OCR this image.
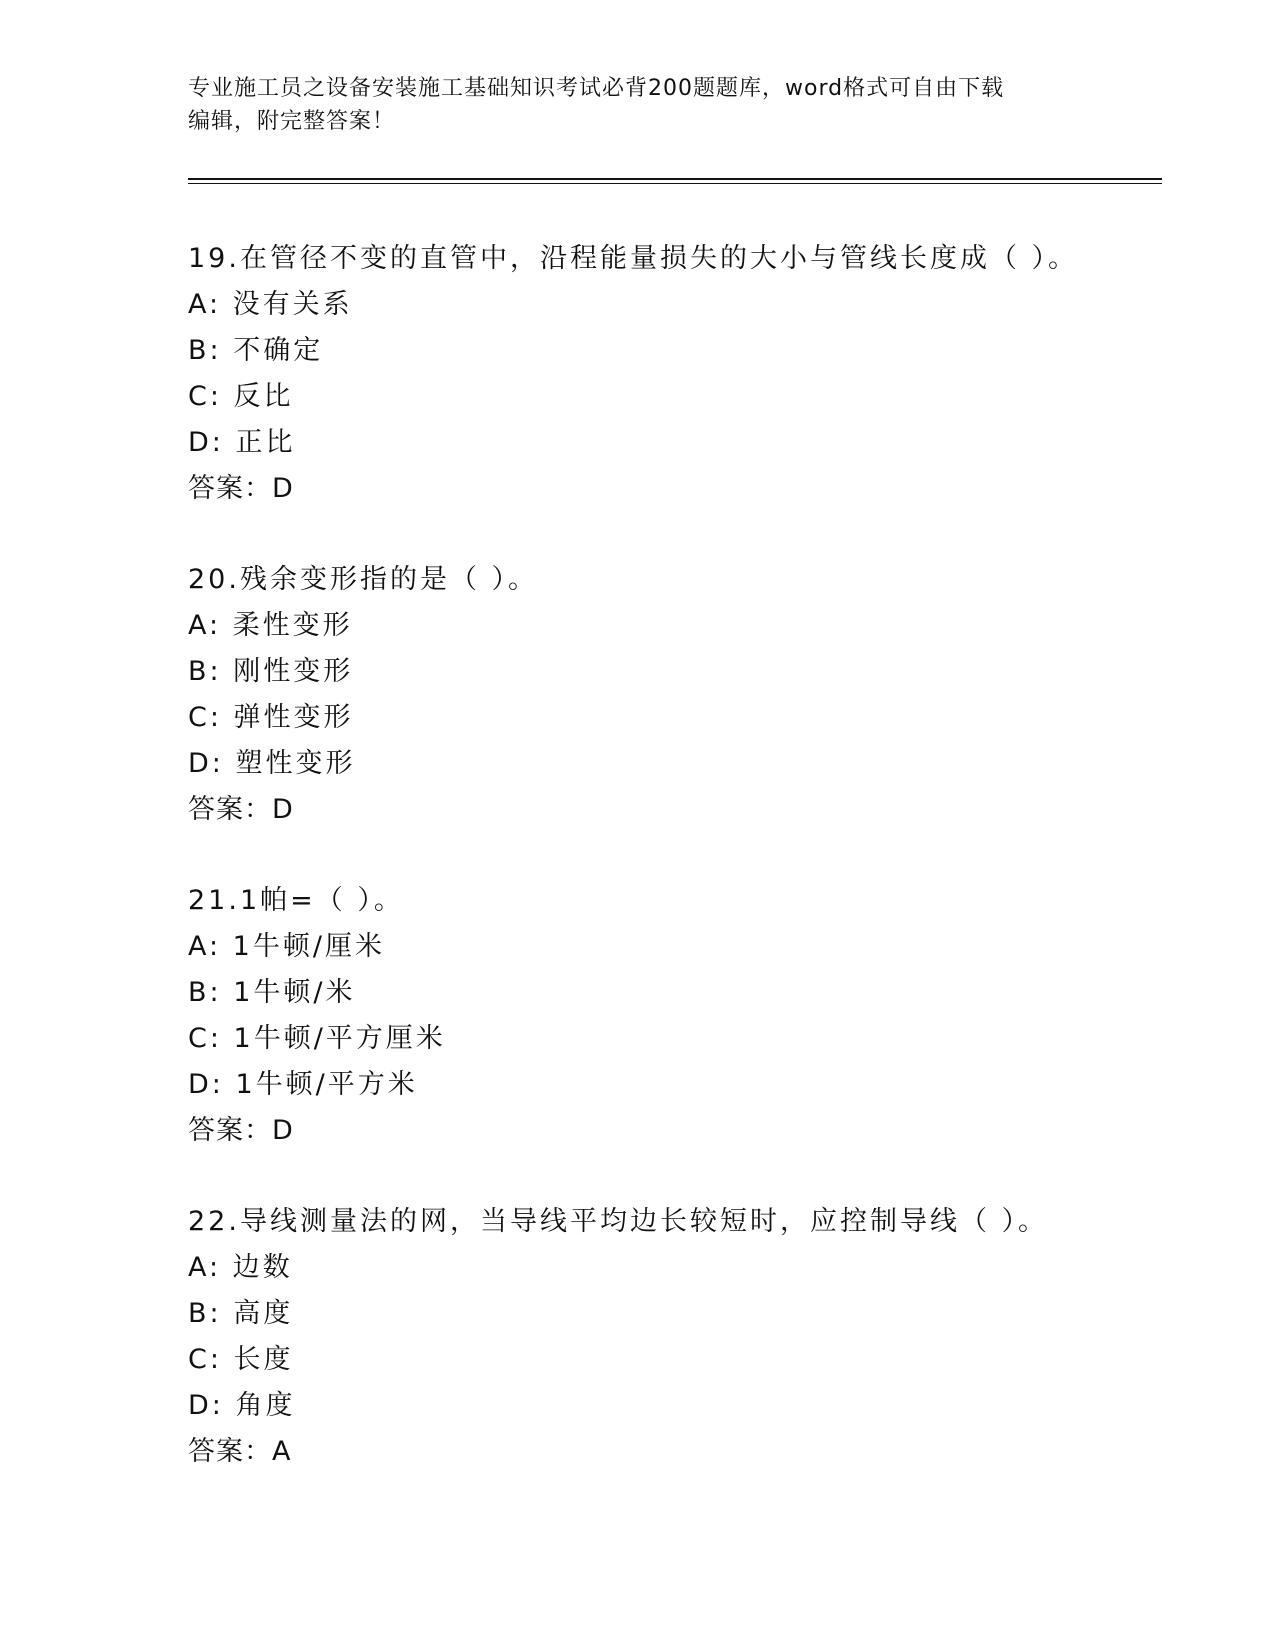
专业施工员之设备安装施工基础知识考试必背200题题库，word格式可自由下载
编辑，附完整答案！
19.在管径不变的直管中，沿程能量损失的大小与管线长度成（ ）。
A: 没有关系
B: 不确定
C: 反比
D: 正比
答案：D
20.残余变形指的是（ ）。
A: 柔性变形
B: 刚性变形
C: 弹性变形
D: 塑性变形
答案：D
21.1帕=（ ）。
A: 1牛顿/厘米
B: 1牛顿/米
C: 1牛顿/平方厘米
D: 1牛顿/平方米
答案：D
22.导线测量法的网，当导线平均边长较短时，应控制导线（ ）。
A: 边数
B: 高度
C: 长度
D: 角度
答案：A
